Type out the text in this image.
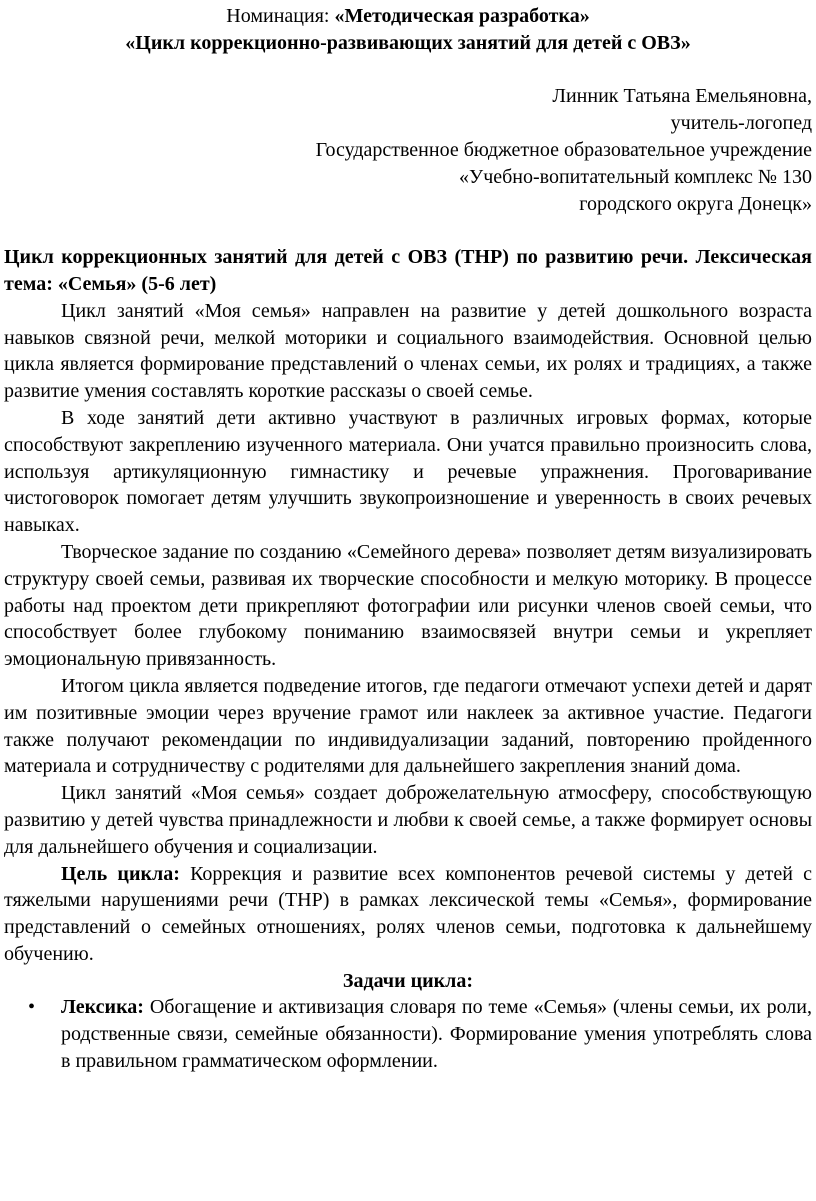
Номинация: «Методическая разработка»

«Цикл коррекционно-развивающих занятий для детей с ОВЗ»

Линник Татьяна Емельяновна,

учитель-логопед

Государственное бюджетное образовательное учреждение

«Учебно-вопитательный комплекс № 130

городского округа Донецк»

Цикл коррекционных занятий для детей с ОВЗ (ТНР) по развитию речи. Лексическая тема: «Семья» (5-6 лет)

Цикл занятий «Моя семья» направлен на развитие у детей дошкольного возраста навыков связной речи, мелкой моторики и социального взаимодействия. Основной целью цикла является формирование представлений о членах семьи, их ролях и традициях, а также развитие умения составлять короткие рассказы о своей семье.

В ходе занятий дети активно участвуют в различных игровых формах, которые способствуют закреплению изученного материала. Они учатся правильно произносить слова, используя артикуляционную гимнастику и речевые упражнения. Проговаривание чистоговорок помогает детям улучшить звукопроизношение и уверенность в своих речевых навыках.

Творческое задание по созданию «Семейного дерева» позволяет детям визуализировать структуру своей семьи, развивая их творческие способности и мелкую моторику. В процессе работы над проектом дети прикрепляют фотографии или рисунки членов своей семьи, что способствует более глубокому пониманию взаимосвязей внутри семьи и укрепляет эмоциональную привязанность.

Итогом цикла является подведение итогов, где педагоги отмечают успехи детей и дарят им позитивные эмоции через вручение грамот или наклеек за активное участие. Педагоги также получают рекомендации по индивидуализации заданий, повторению пройденного материала и сотрудничеству с родителями для дальнейшего закрепления знаний дома.

Цикл занятий «Моя семья» создает доброжелательную атмосферу, способствующую развитию у детей чувства принадлежности и любви к своей семье, а также формирует основы для дальнейшего обучения и социализации.

Цель цикла: Коррекция и развитие всех компонентов речевой системы у детей с тяжелыми нарушениями речи (ТНР) в рамках лексической темы «Семья», формирование представлений о семейных отношениях, ролях членов семьи, подготовка к дальнейшему обучению.

Задачи цикла:

• Лексика: Обогащение и активизация словаря по теме «Семья» (члены семьи, их роли, родственные связи, семейные обязанности). Формирование умения употреблять слова в правильном грамматическом оформлении.
